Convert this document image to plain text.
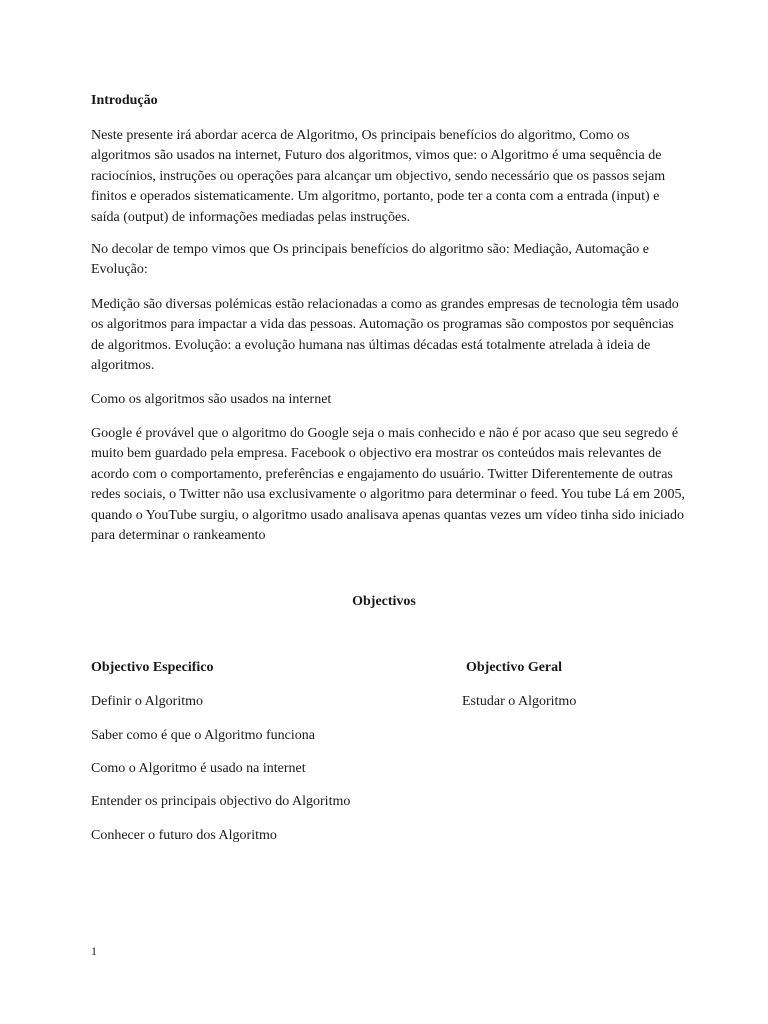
Introdução

Neste presente irá abordar acerca de Algoritmo, Os principais benefícios do algoritmo, Como os algoritmos são usados na internet, Futuro dos algoritmos, vimos que: o Algoritmo é uma sequência de raciocínios, instruções ou operações para alcançar um objectivo, sendo necessário que os passos sejam finitos e operados sistematicamente. Um algoritmo, portanto, pode ter a conta com a entrada (input) e saída (output) de informações mediadas pelas instruções.

No decolar de tempo vimos que Os principais benefícios do algoritmo são: Mediação, Automação e Evolução:

Medição são diversas polémicas estão relacionadas a como as grandes empresas de tecnologia têm usado os algoritmos para impactar a vida das pessoas. Automação os programas são compostos por sequências de algoritmos. Evolução: a evolução humana nas últimas décadas está totalmente atrelada à ideia de algoritmos.

Como os algoritmos são usados na internet

Google é provável que o algoritmo do Google seja o mais conhecido e não é por acaso que seu segredo é muito bem guardado pela empresa. Facebook o objectivo era mostrar os conteúdos mais relevantes de acordo com o comportamento, preferências e engajamento do usuário. Twitter Diferentemente de outras redes sociais, o Twitter não usa exclusivamente o algoritmo para determinar o feed. You tube Lá em 2005, quando o YouTube surgiu, o algoritmo usado analisava apenas quantas vezes um vídeo tinha sido iniciado para determinar o rankeamento

Objectivos

Objectivo Especifico	Objectivo Geral

Definir o Algoritmo

Saber como é que o Algoritmo funciona

Como o Algoritmo é usado na internet

Entender os principais objectivo do Algoritmo

Conhecer o futuro dos Algoritmo

Estudar o Algoritmo

1
